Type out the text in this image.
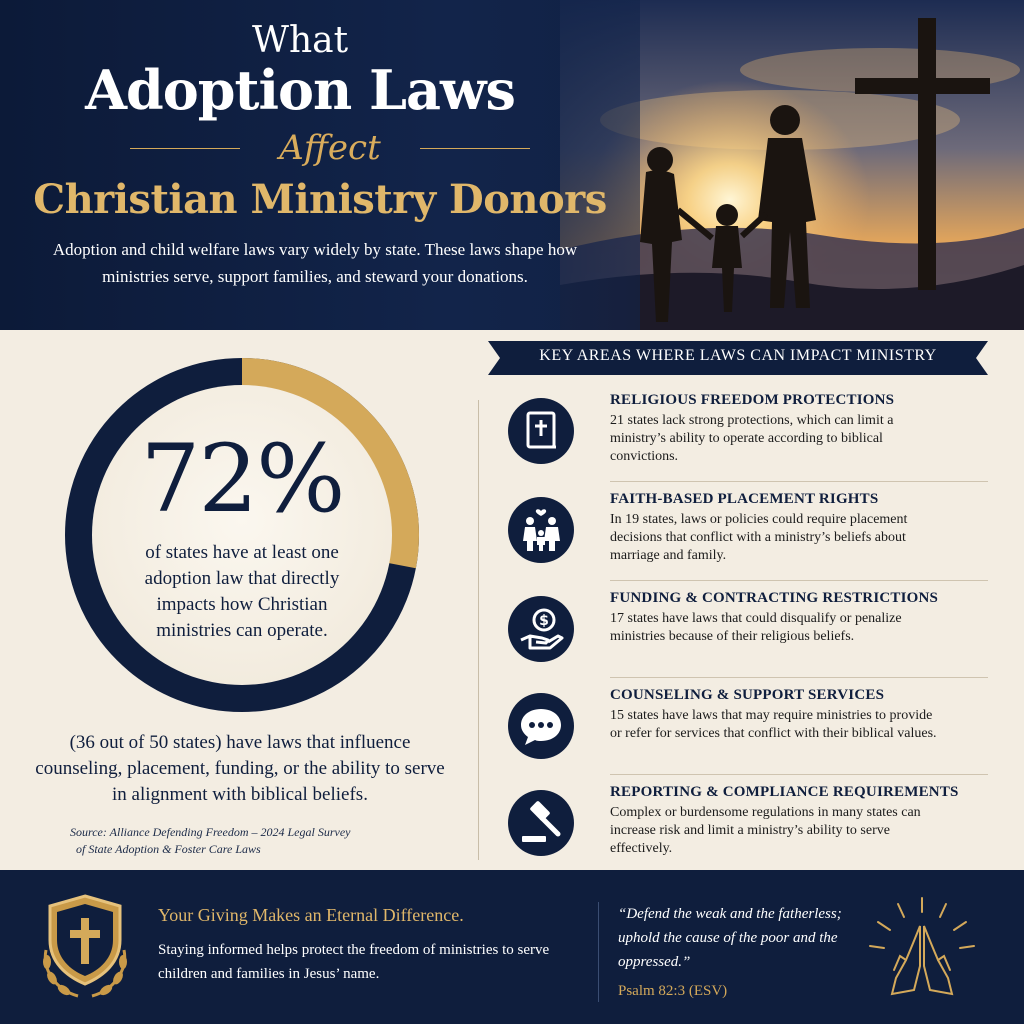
What
Adoption Laws
Affect
Christian Ministry Donors
Adoption and child welfare laws vary widely by state. These laws shape how ministries serve, support families, and steward your donations.
72%
of states have at least one adoption law that directly impacts how Christian ministries can operate.
(36 out of 50 states) have laws that influence counseling, placement, funding, or the ability to serve in alignment with biblical beliefs.
Source: Alliance Defending Freedom – 2024 Legal Survey
of State Adoption & Foster Care Laws
KEY AREAS WHERE LAWS CAN IMPACT MINISTRY
RELIGIOUS FREEDOM PROTECTIONS
21 states lack strong protections, which can limit a ministry’s ability to operate according to biblical convictions.
FAITH-BASED PLACEMENT RIGHTS
In 19 states, laws or policies could require placement decisions that conflict with a ministry’s beliefs about marriage and family.
$
FUNDING & CONTRACTING RESTRICTIONS
17 states have laws that could disqualify or penalize ministries because of their religious beliefs.
COUNSELING & SUPPORT SERVICES
15 states have laws that may require ministries to provide or refer for services that conflict with their biblical values.
REPORTING & COMPLIANCE REQUIREMENTS
Complex or burdensome regulations in many states can increase risk and limit a ministry’s ability to serve effectively.
Your Giving Makes an Eternal Difference.
Staying informed helps protect the freedom of ministries to serve children and families in Jesus’ name.
“Defend the weak and the fatherless; uphold the cause of the poor and the oppressed.”
Psalm 82:3 (ESV)
